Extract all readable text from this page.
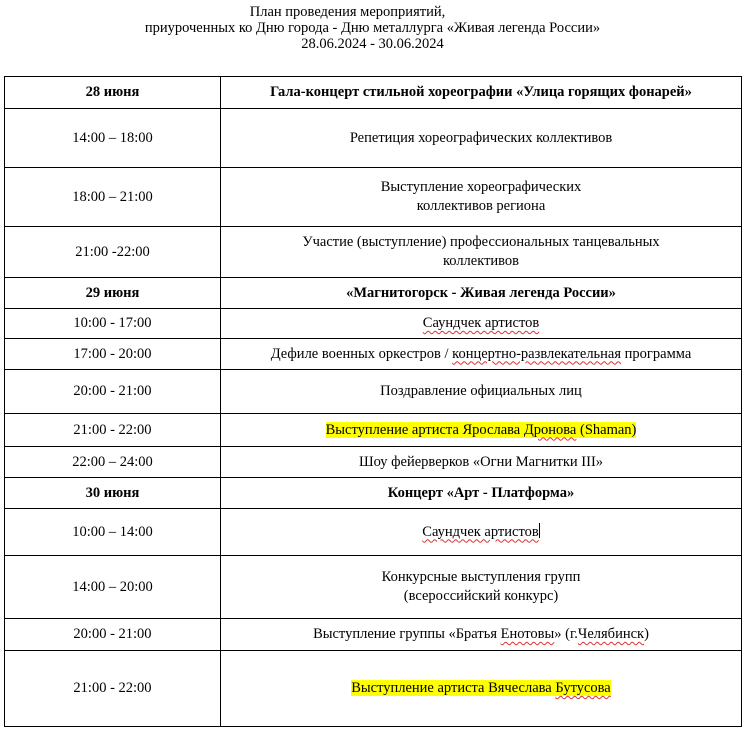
План проведения мероприятий,
приуроченных ко Дню города - Дню металлурга «Живая легенда России»
28.06.2024 - 30.06.2024
28 июня	Гала-концерт стильной хореографии «Улица горящих фонарей»
14:00 – 18:00	Репетиция хореографических коллективов
18:00 – 21:00	Выступление хореографических
коллективов региона
21:00 -22:00	Участие (выступление) профессиональных танцевальных
коллективов
29 июня	«Магнитогорск - Живая легенда России»
10:00 - 17:00	Саундчек артистов
17:00 - 20:00	Дефиле военных оркестров / концертно-развлекательная программа
20:00 - 21:00	Поздравление официальных лиц
21:00 - 22:00	Выступление артиста Ярослава Дронова (Shaman)
22:00 – 24:00	Шоу фейерверков «Огни Магнитки III»
30 июня	Концерт «Арт - Платформа»
10:00 – 14:00	Саундчек артистов
14:00 – 20:00	Конкурсные выступления групп
(всероссийский конкурс)
20:00 - 21:00	Выступление группы «Братья Енотовы» (г.Челябинск)
21:00 - 22:00	Выступление артиста Вячеслава Бутусова
